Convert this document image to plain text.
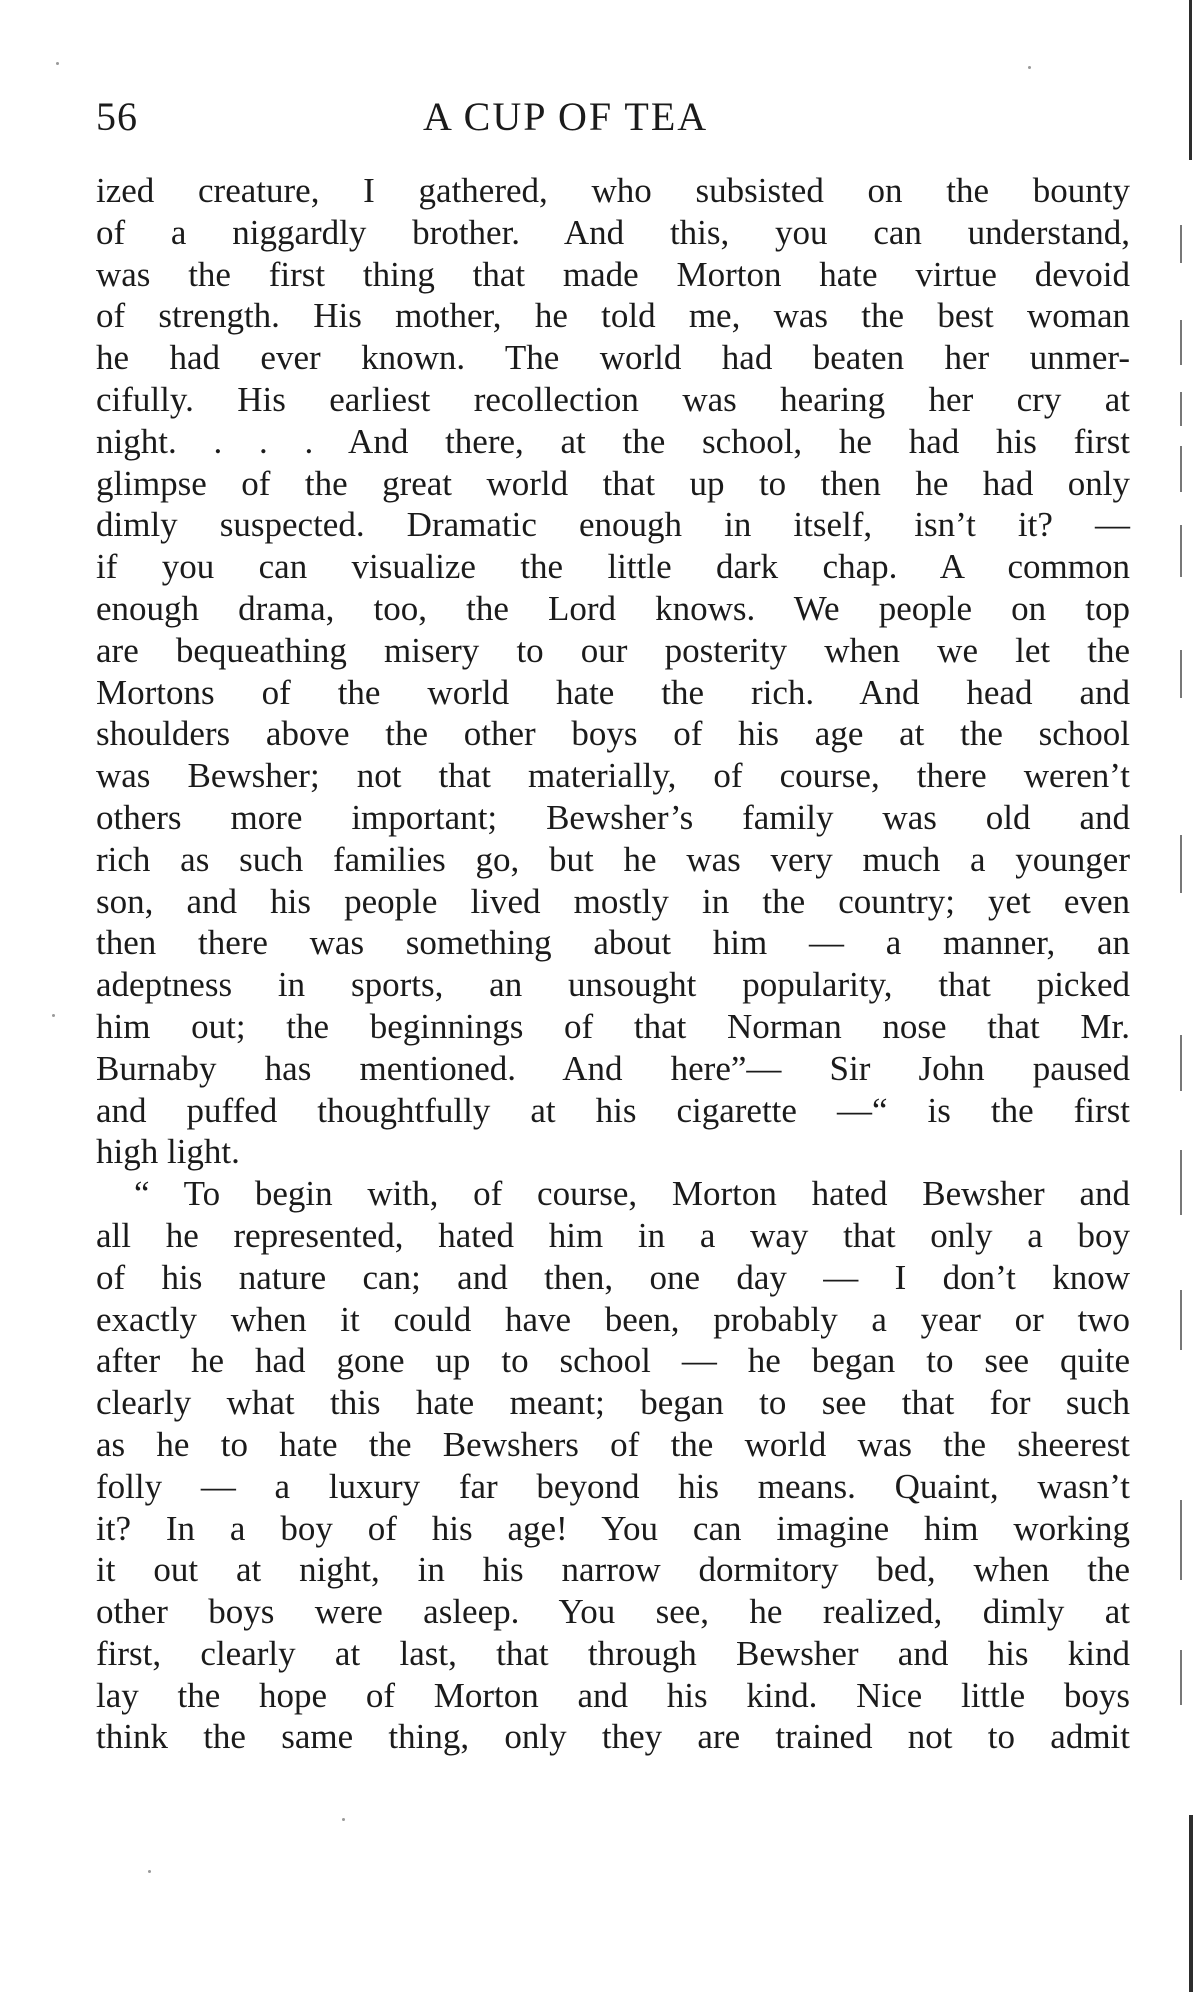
56	A CUP OF TEA
ized creature, I gathered, who subsisted on the bounty
of a niggardly brother. And this, you can understand,
was the first thing that made Morton hate virtue devoid
of strength. His mother, he told me, was the best woman
he had ever known. The world had beaten her unmer-
cifully. His earliest recollection was hearing her cry at
night. . . . And there, at the school, he had his first
glimpse of the great world that up to then he had only
dimly suspected. Dramatic enough in itself, isn’t it? —
if you can visualize the little dark chap. A common
enough drama, too, the Lord knows. We people on top
are bequeathing misery to our posterity when we let the
Mortons of the world hate the rich. And head and
shoulders above the other boys of his age at the school
was Bewsher; not that materially, of course, there weren’t
others more important; Bewsher’s family was old and
rich as such families go, but he was very much a younger
son, and his people lived mostly in the country; yet even
then there was something about him — a manner, an
adeptness in sports, an unsought popularity, that picked
him out; the beginnings of that Norman nose that Mr.
Burnaby has mentioned. And here”— Sir John paused
and puffed thoughtfully at his cigarette —“ is the first
high light.
“ To begin with, of course, Morton hated Bewsher and
all he represented, hated him in a way that only a boy
of his nature can; and then, one day — I don’t know
exactly when it could have been, probably a year or two
after he had gone up to school — he began to see quite
clearly what this hate meant; began to see that for such
as he to hate the Bewshers of the world was the sheerest
folly — a luxury far beyond his means. Quaint, wasn’t
it? In a boy of his age! You can imagine him working
it out at night, in his narrow dormitory bed, when the
other boys were asleep. You see, he realized, dimly at
first, clearly at last, that through Bewsher and his kind
lay the hope of Morton and his kind. Nice little boys
think the same thing, only they are trained not to admit
